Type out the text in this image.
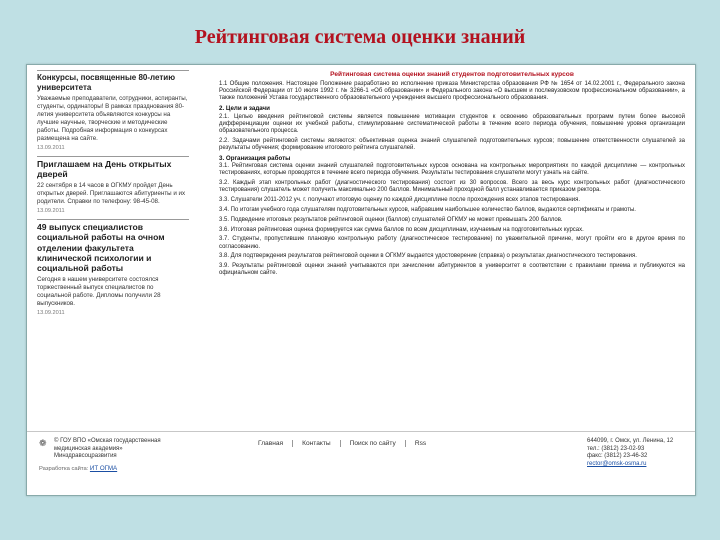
Рейтинговая система оценки знаний
Конкурсы, посвященные 80-летию университета
Уважаемые преподаватели, сотрудники, аспиранты, студенты, ординаторы! В рамках празднования 80-летия университета объявляются конкурсы на лучшие научные, творческие и методические работы. Подробная информация о конкурсах размещена на сайте.
13.09.2011
Приглашаем на День открытых дверей
22 сентября в 14 часов в ОГКМУ пройдет День открытых дверей. Приглашаются абитуриенты и их родители. Справки по телефону: 98-45-08.
13.09.2011
49 выпуск специалистов социальной работы на очном отделении факультета клинической психологии и социальной работы
Сегодня в нашем университете состоялся торжественный выпуск специалистов по социальной работе. Дипломы получили 28 выпускников.
13.09.2011
Рейтинговая система оценки знаний студентов подготовительных курсов
1.1 Общие положения. Настоящее Положение разработано во исполнение приказа Министерства образования РФ № 1654 от 14.02.2001 г., Федерального закона Российской Федерации от 10 июля 1992 г. № 3266-1 «Об образовании» и Федерального закона «О высшем и послевузовском профессиональном образовании», а также положений Устава государственного образовательного учреждения высшего профессионального образования.
2. Цели и задачи
2.1. Целью введения рейтинговой системы является повышение мотивации студентов к освоению образовательных программ путем более высокой дифференциации оценки их учебной работы, стимулирование систематической работы в течение всего периода обучения, повышение уровня организации образовательного процесса.
2.2. Задачами рейтинговой системы являются: объективная оценка знаний слушателей подготовительных курсов; повышение ответственности слушателей за результаты обучения; формирование итогового рейтинга слушателей.
3. Организация работы
3.1. Рейтинговая система оценки знаний слушателей подготовительных курсов основана на контрольных мероприятиях по каждой дисциплине — контрольных тестированиях, которые проводятся в течение всего периода обучения. Результаты тестирования слушатели могут узнать на сайте.
3.2. Каждый этап контрольных работ (диагностического тестирования) состоит из 30 вопросов. Всего за весь курс контрольных работ (диагностического тестирования) слушатель может получить максимально 200 баллов. Минимальный проходной балл устанавливается приказом ректора.
3.3. Слушатели 2011-2012 уч. г. получают итоговую оценку по каждой дисциплине после прохождения всех этапов тестирования.
3.4. По итогам учебного года слушателям подготовительных курсов, набравшим наибольшее количество баллов, выдаются сертификаты и грамоты.
3.5. Подведение итоговых результатов рейтинговой оценки (баллов) слушателей ОГКМУ не может превышать 200 баллов.
3.6. Итоговая рейтинговая оценка формируется как сумма баллов по всем дисциплинам, изучаемым на подготовительных курсах.
3.7. Студенты, пропустившие плановую контрольную работу (диагностическое тестирование) по уважительной причине, могут пройти его в другое время по согласованию.
3.8. Для подтверждения результатов рейтинговой оценки в ОГКМУ выдается удостоверение (справка) о результатах диагностического тестирования.
3.9. Результаты рейтинговой оценки знаний учитываются при зачислении абитуриентов в университет в соответствии с правилами приема и публикуются на официальном сайте.
❁ © ГОУ ВПО «Омская государственная медицинская академия» Минздравсоцразвития
Разработка сайта: ИТ ОГМА
Главная	Контакты	Поиск по сайту	Rss	644099, г. Омск, ул. Ленина, 12
тел.: (3812) 23-02-93
факс: (3812) 23-46-32
rector@omsk-osma.ru
